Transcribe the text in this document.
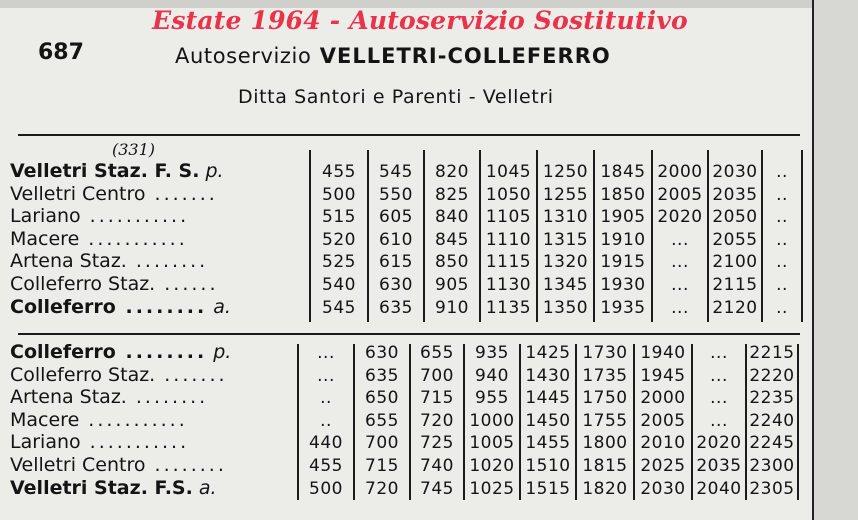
Estate 1964 - Autoservizio Sostitutivo
687	Autoservizio VELLETRI-COLLEFERRO
Ditta Santori e Parenti - Velletri
(331)
Velletri Staz. F. S. p.
Velletri Centro .......
Lariano ...........
Macere ...........
Artena Staz. ........
Colleferro Staz. ......
Colleferro ........ a.
455
500
515
520
525
540
545
545
550
605
610
615
630
635
820
825
840
845
850
905
910
1045
1050
1105
1110
1115
1130
1135
1250
1255
1310
1315
1320
1345
1350
1845
1850
1905
1910
1915
1930
1935
2000
2005
2020
...
...
...
...
2030
2035
2050
2055
2100
2115
2120
..
..
..
..
..
..
..
Colleferro ........ p.
Colleferro Staz. .......
Artena Staz. ........
Macere ...........
Lariano ...........
Velletri Centro ........
Velletri Staz. F.S. a.
...
...
..
..
440
455
500
630
635
650
655
700
715
720
655
700
715
720
725
740
745
935
940
955
1000
1005
1020
1025
1425
1430
1445
1450
1455
1510
1515
1730
1735
1750
1755
1800
1815
1820
1940
1945
2000
2005
2010
2025
2030
...
...
...
...
2020
2035
2040
2215
2220
2235
2240
2245
2300
2305
